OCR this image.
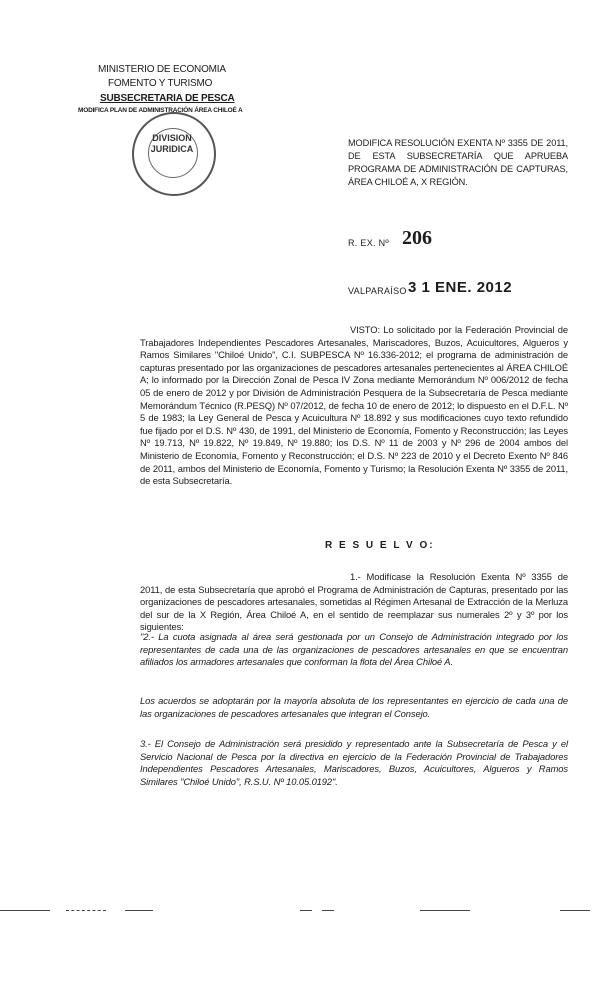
MINISTERIO DE ECONOMIA
FOMENTO Y TURISMO
SUBSECRETARIA DE PESCA
MODIFICA PLAN DE ADMINISTRACIÓN ÁREA CHILOÉ A
DIVISION
JURIDICA
MODIFICA RESOLUCIÓN EXENTA Nº 3355 DE 2011, DE ESTA SUBSECRETARÍA QUE APRUEBA PROGRAMA DE ADMINISTRACIÓN DE CAPTURAS, ÁREA CHILOÉ A, X REGIÓN.
R. EX. Nº 206
VALPARAÍSO 3 1 ENE. 2012
VISTO: Lo solicitado por la Federación Provincial de Trabajadores Independientes Pescadores Artesanales, Mariscadores, Buzos, Acuicultores, Algueros y Ramos Similares "Chiloé Unido", C.I. SUBPESCA Nº 16.336-2012; el programa de administración de capturas presentado por las organizaciones de pescadores artesanales pertenecientes al ÁREA CHILOÉ A; lo informado por la Dirección Zonal de Pesca IV Zona mediante Memorándum Nº 006/2012 de fecha 05 de enero de 2012 y por División de Administración Pesquera de la Subsecretaría de Pesca mediante Memorándum Técnico (R.PESQ) Nº 07/2012, de fecha 10 de enero de 2012; lo dispuesto en el D.F.L. Nº 5 de 1983; la Ley General de Pesca y Acuicultura Nº 18.892 y sus modificaciones cuyo texto refundido fue fijado por el D.S. Nº 430, de 1991, del Ministerio de Economía, Fomento y Reconstrucción; las Leyes Nº 19.713, Nº 19.822, Nº 19.849, Nº 19.880; los D.S. Nº 11 de 2003 y Nº 296 de 2004 ambos del Ministerio de Economía, Fomento y Reconstrucción; el D.S. Nº 223 de 2010 y el Decreto Exento Nº 846 de 2011, ambos del Ministerio de Economía, Fomento y Turismo; la Resolución Exenta Nº 3355 de 2011, de esta Subsecretaría.
R E S U E L V O:
1.- Modifícase la Resolución Exenta Nº 3355 de 2011, de esta Subsecretaría que aprobó el Programa de Administración de Capturas, presentado por las organizaciones de pescadores artesanales, sometidas al Régimen Artesanal de Extracción de la Merluza del sur de la X Región, Área Chiloé A, en el sentido de reemplazar sus numerales 2º y 3º por los siguientes:
"2.- La cuota asignada al área será gestionada por un Consejo de Administración integrado por los representantes de cada una de las organizaciones de pescadores artesanales en que se encuentran afiliados los armadores artesanales que conforman la flota del Área Chiloé A.
Los acuerdos se adoptarán por la mayoría absoluta de los representantes en ejercicio de cada una de las organizaciones de pescadores artesanales que integran el Consejo.
3.- El Consejo de Administración será presidido y representado ante la Subsecretaría de Pesca y el Servicio Nacional de Pesca por la directiva en ejercicio de la Federación Provincial de Trabajadores Independientes Pescadores Artesanales, Mariscadores, Buzos, Acuicultores, Algueros y Ramos Similares "Chiloé Unido", R.S.U. Nº 10.05.0192".
